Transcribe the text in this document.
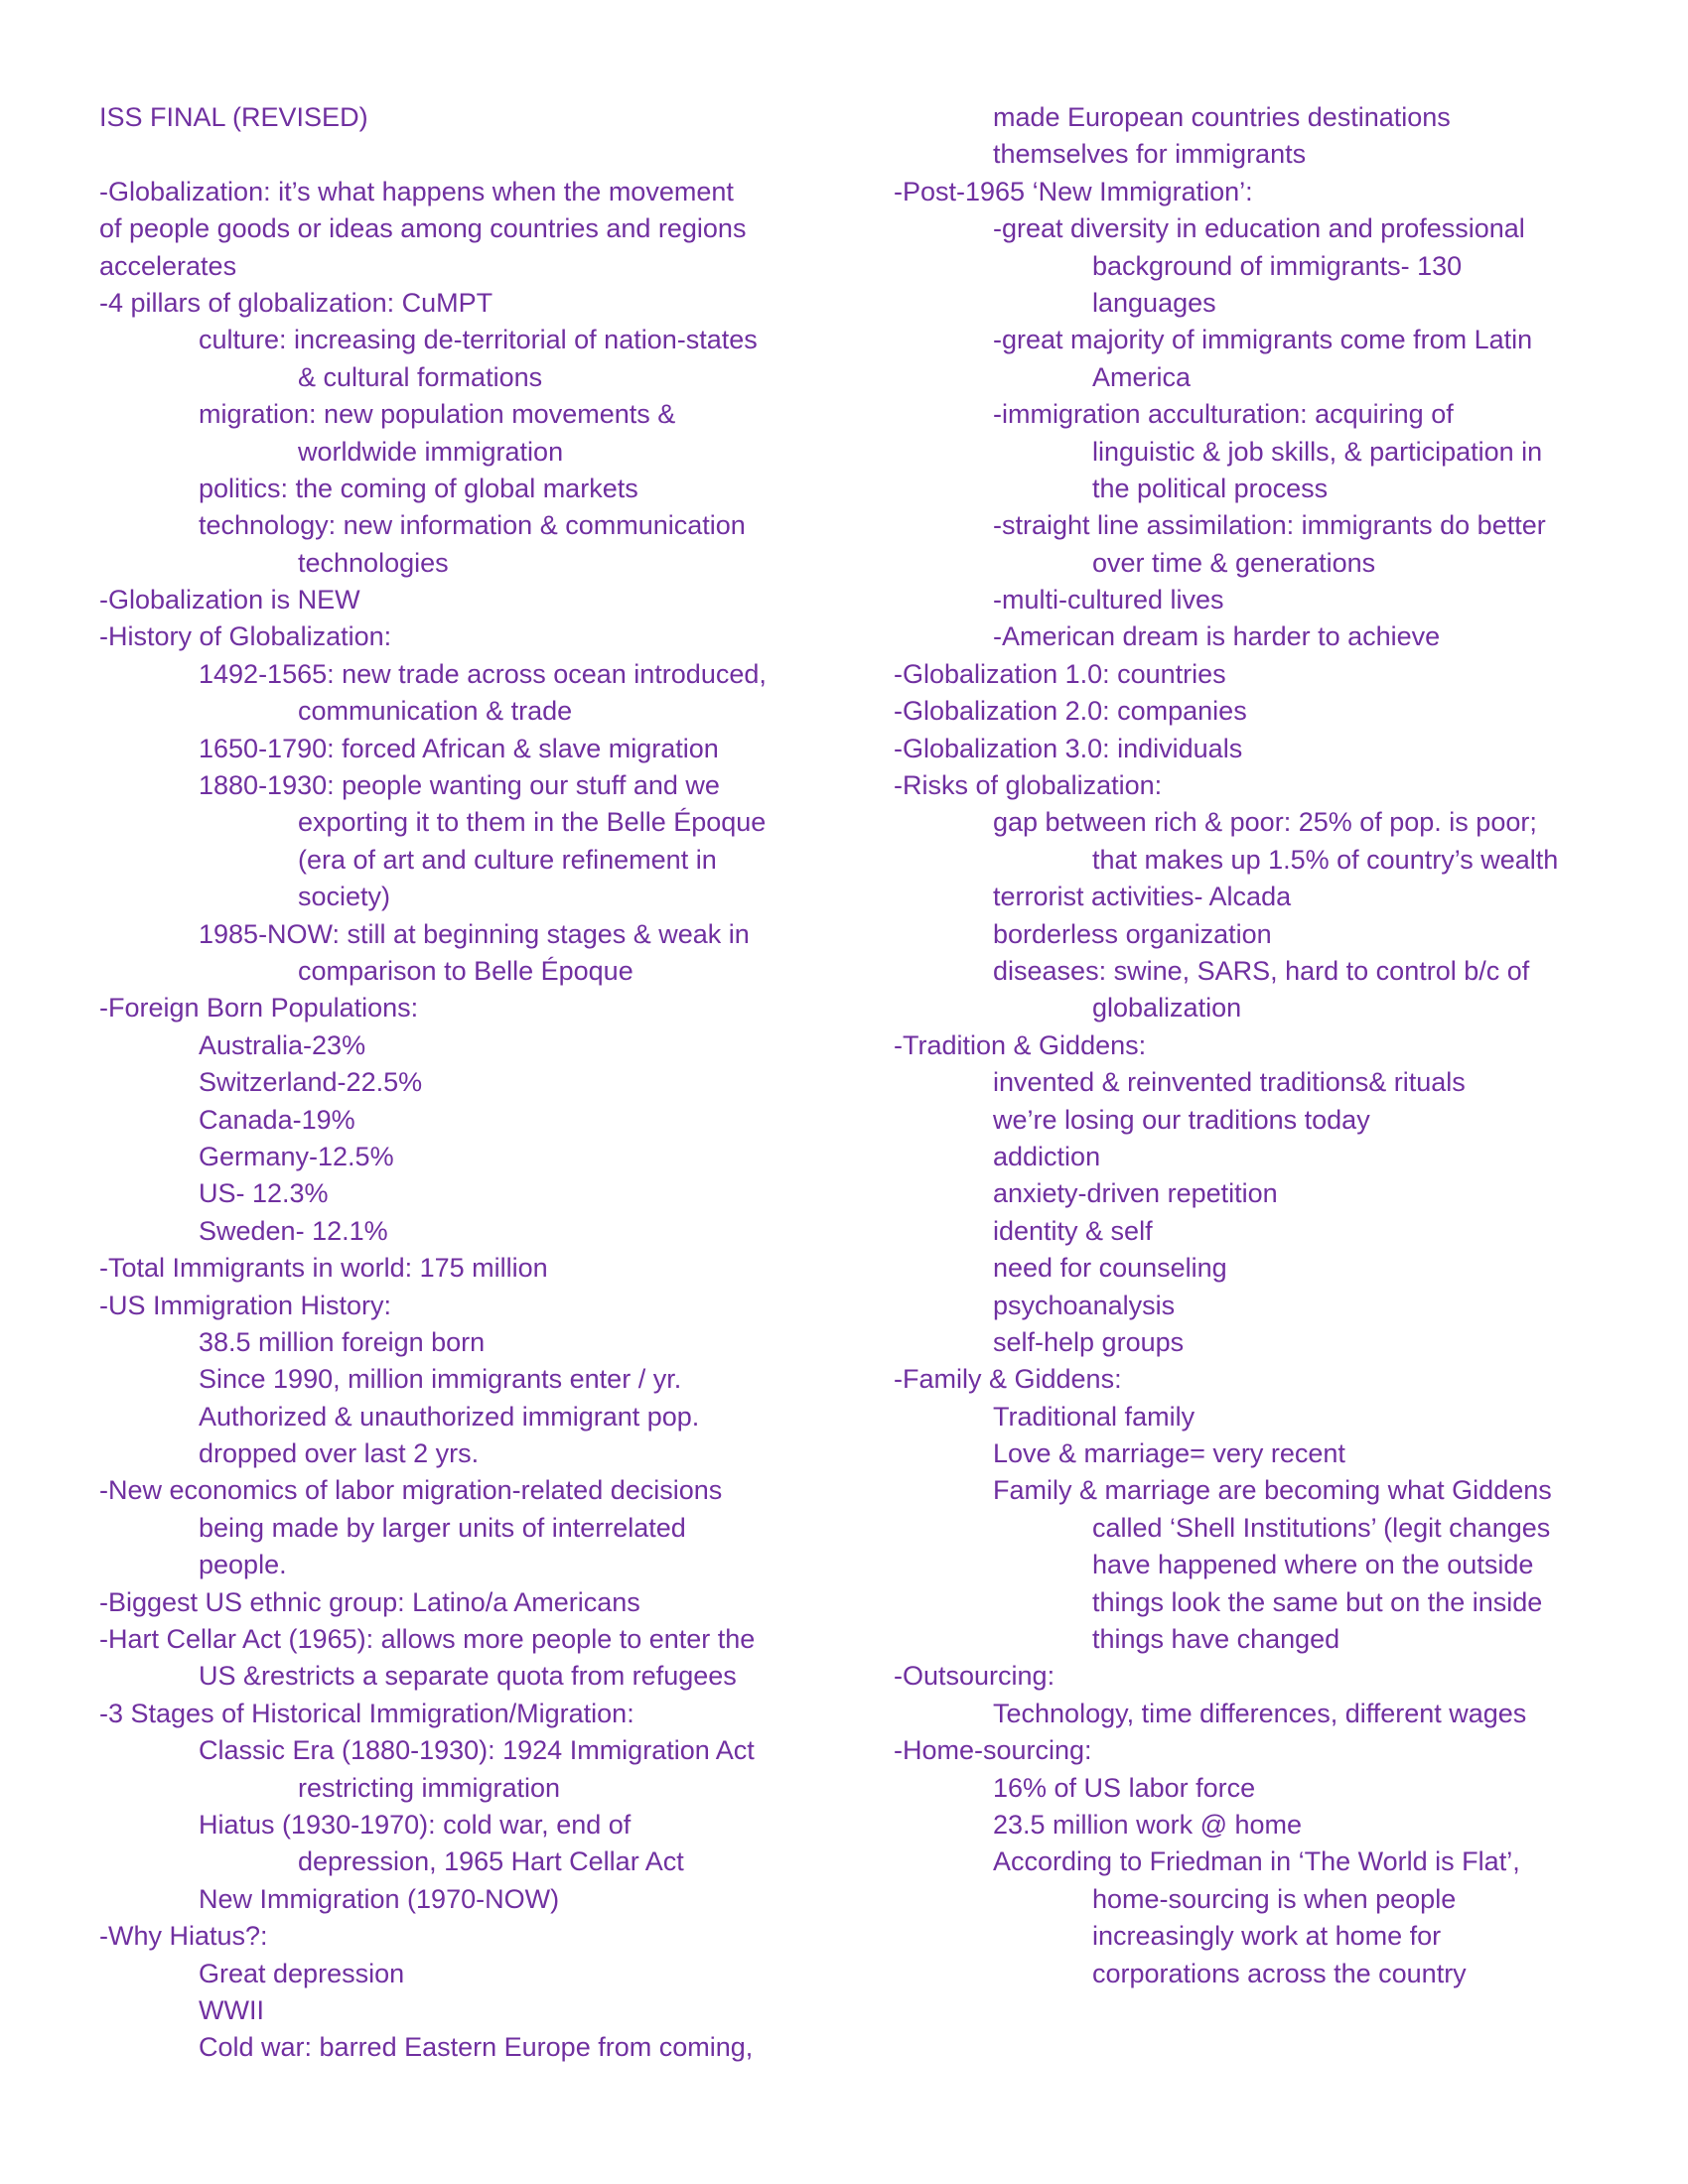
ISS FINAL (REVISED)
-Globalization: it’s what happens when the movement
of people goods or ideas among countries and regions
accelerates
-4 pillars of globalization: CuMPT
culture: increasing de-territorial of nation-states
& cultural formations
migration: new population movements &
worldwide immigration
politics: the coming of global markets
technology: new information & communication
technologies
-Globalization is NEW
-History of Globalization:
1492-1565: new trade across ocean introduced,
communication & trade
1650-1790: forced African & slave migration
1880-1930: people wanting our stuff and we
exporting it to them in the Belle Époque
(era of art and culture refinement in
society)
1985-NOW: still at beginning stages & weak in
comparison to Belle Époque
-Foreign Born Populations:
Australia-23%
Switzerland-22.5%
Canada-19%
Germany-12.5%
US- 12.3%
Sweden- 12.1%
-Total Immigrants in world: 175 million
-US Immigration History:
38.5 million foreign born
Since 1990, million immigrants enter / yr.
Authorized & unauthorized immigrant pop.
dropped over last 2 yrs.
-New economics of labor migration-related decisions
being made by larger units of interrelated
people.
-Biggest US ethnic group: Latino/a Americans
-Hart Cellar Act (1965): allows more people to enter the
US &restricts a separate quota from refugees
-3 Stages of Historical Immigration/Migration:
Classic Era (1880-1930): 1924 Immigration Act
restricting immigration
Hiatus (1930-1970): cold war, end of
depression, 1965 Hart Cellar Act
New Immigration (1970-NOW)
-Why Hiatus?:
Great depression
WWII
Cold war: barred Eastern Europe from coming,
made European countries destinations
themselves for immigrants
-Post-1965 ‘New Immigration’:
-great diversity in education and professional
background of immigrants- 130
languages
-great majority of immigrants come from Latin
America
-immigration acculturation: acquiring of
linguistic & job skills, & participation in
the political process
-straight line assimilation: immigrants do better
over time & generations
-multi-cultured lives
-American dream is harder to achieve
-Globalization 1.0: countries
-Globalization 2.0: companies
-Globalization 3.0: individuals
-Risks of globalization:
gap between rich & poor: 25% of pop. is poor;
that makes up 1.5% of country’s wealth
terrorist activities- Alcada
borderless organization
diseases: swine, SARS, hard to control b/c of
globalization
-Tradition & Giddens:
invented & reinvented traditions& rituals
we’re losing our traditions today
addiction
anxiety-driven repetition
identity & self
need for counseling
psychoanalysis
self-help groups
-Family & Giddens:
Traditional family
Love & marriage= very recent
Family & marriage are becoming what Giddens
called ‘Shell Institutions’ (legit changes
have happened where on the outside
things look the same but on the inside
things have changed
-Outsourcing:
Technology, time differences, different wages
-Home-sourcing:
16% of US labor force
23.5 million work @ home
According to Friedman in ‘The World is Flat’,
home-sourcing is when people
increasingly work at home for
corporations across the country
